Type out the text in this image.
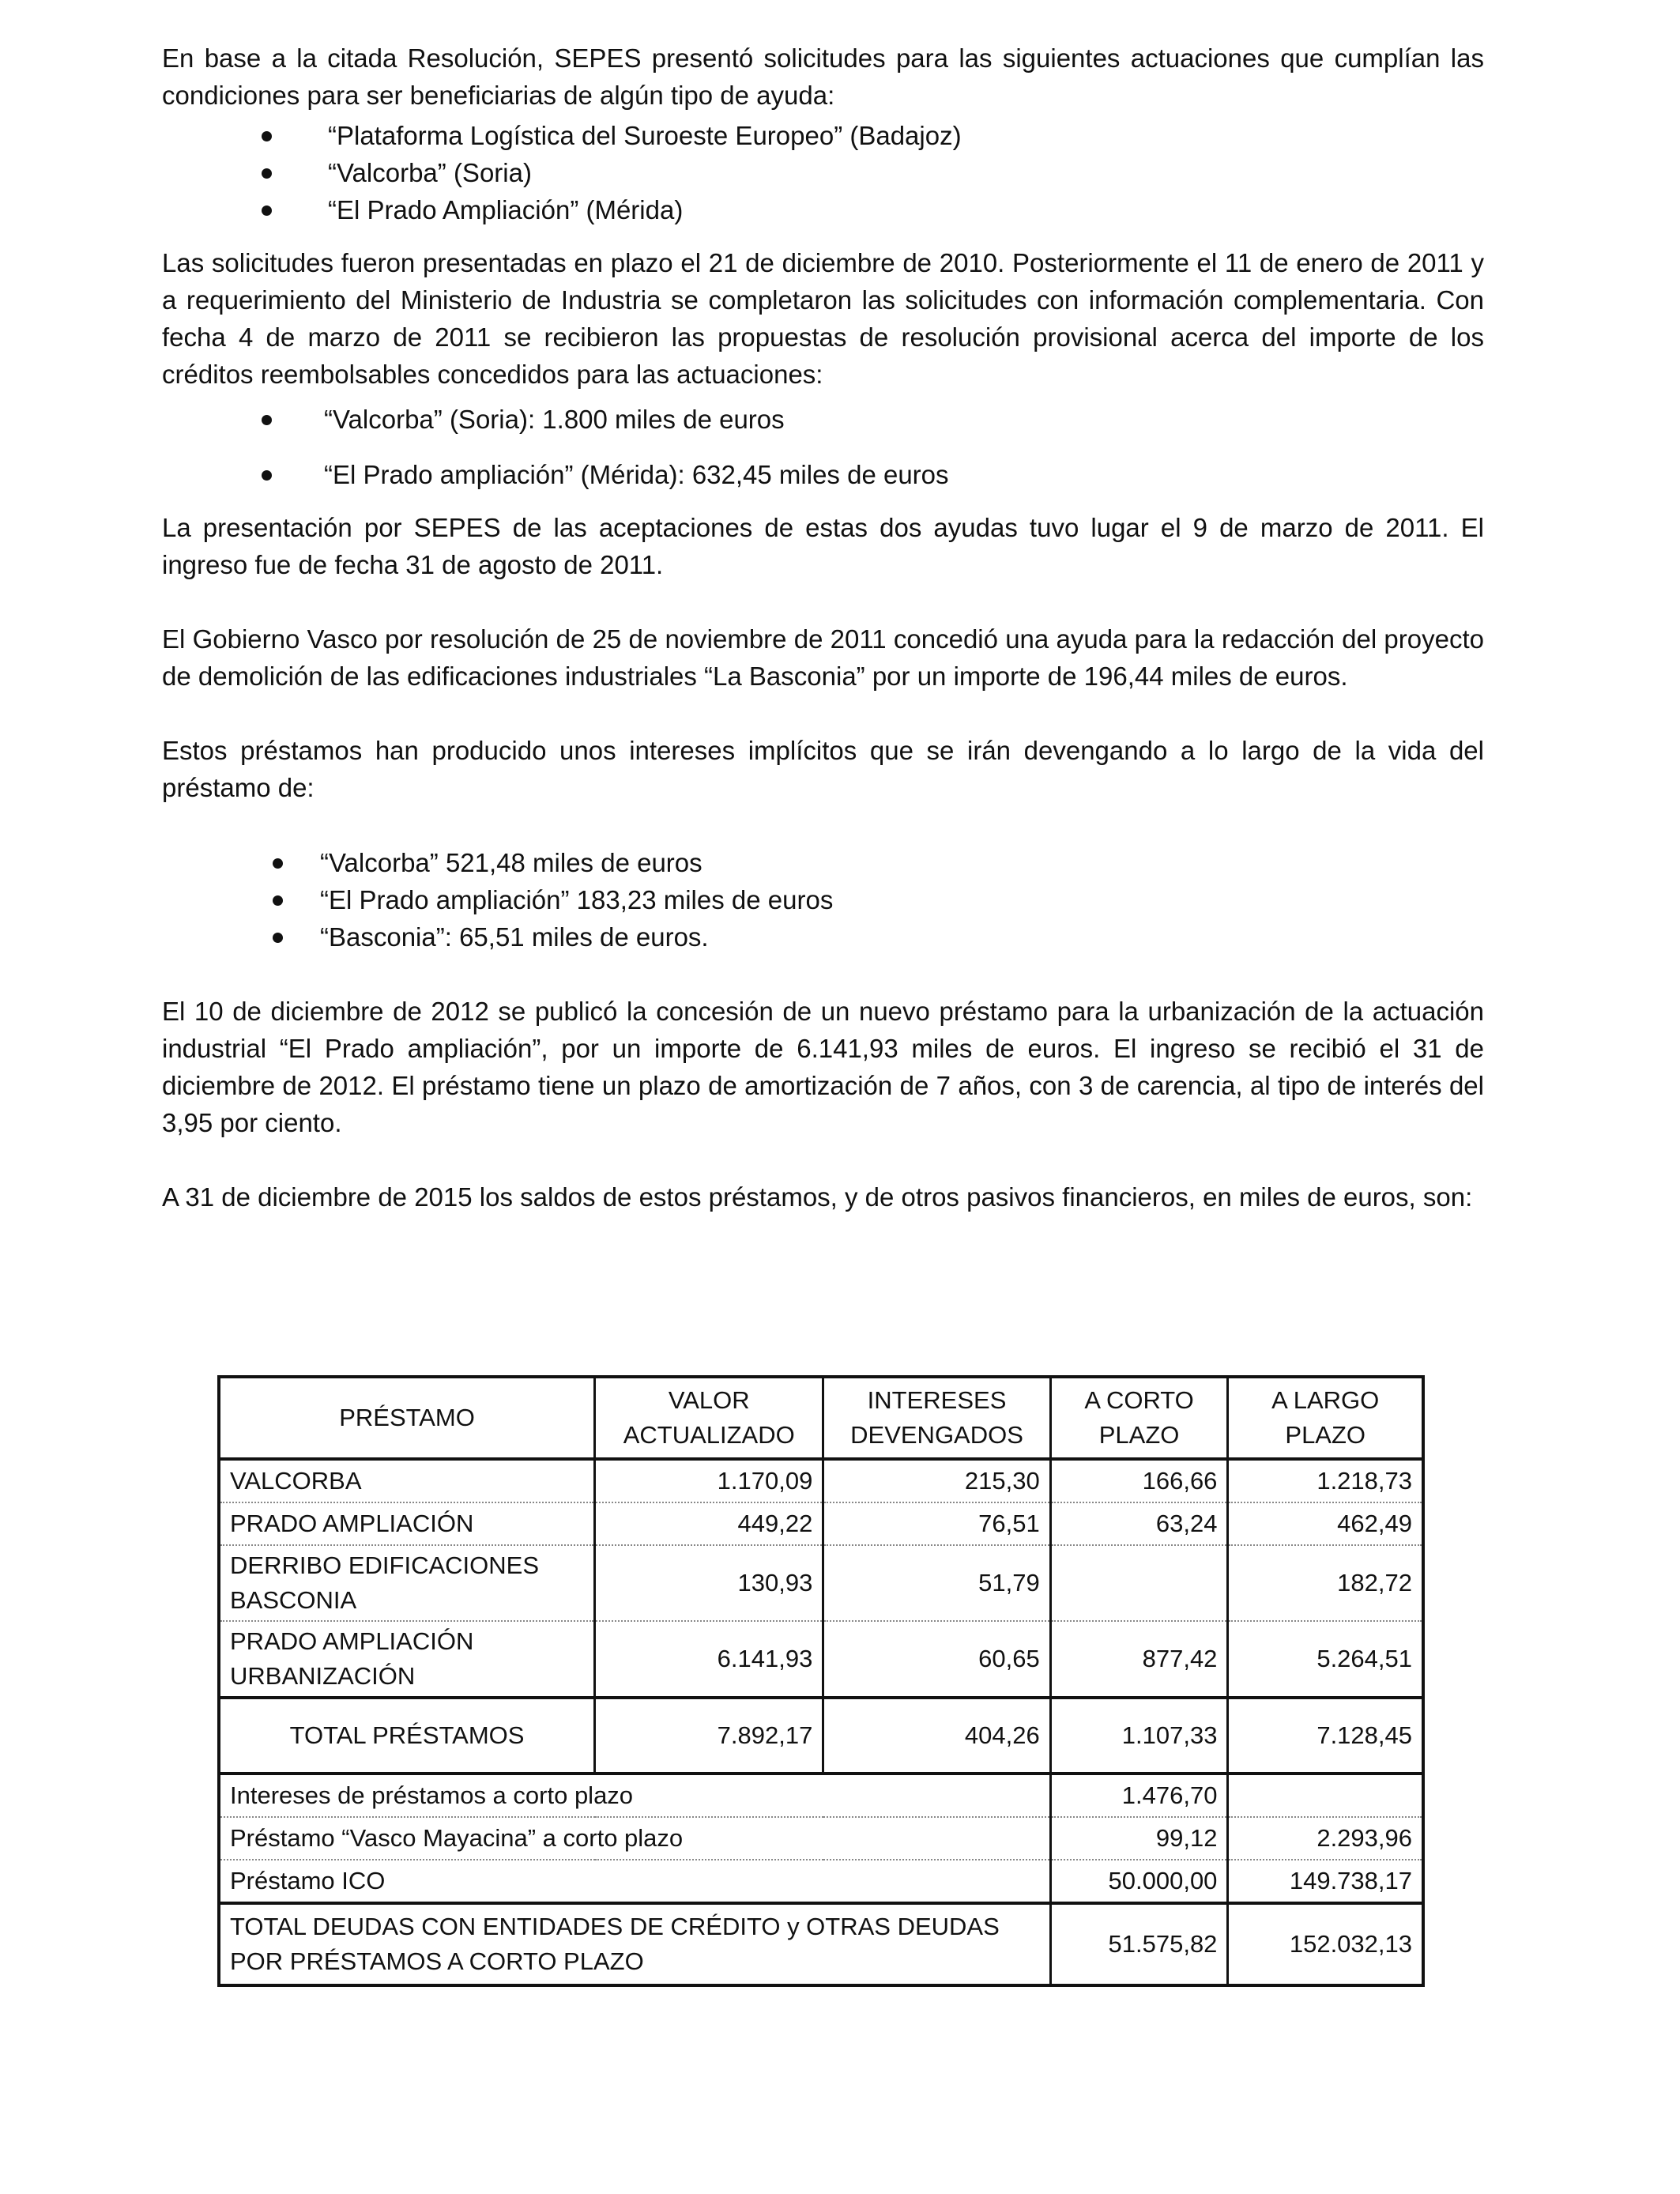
En base a la citada Resolución, SEPES presentó solicitudes para las siguientes actuaciones que cumplían las condiciones para ser beneficiarias de algún tipo de ayuda:

“Plataforma Logística del Suroeste Europeo” (Badajoz)
“Valcorba” (Soria)
“El Prado Ampliación” (Mérida)

Las solicitudes fueron presentadas en plazo el 21 de diciembre de 2010. Posteriormente el 11 de enero de 2011 y a requerimiento del Ministerio de Industria se completaron las solicitudes con información complementaria. Con fecha 4 de marzo de 2011 se recibieron las propuestas de resolución provisional acerca del importe de los créditos reembolsables concedidos para las actuaciones:

“Valcorba” (Soria): 1.800 miles de euros
“El Prado ampliación” (Mérida): 632,45 miles de euros

La presentación por SEPES de las aceptaciones de estas dos ayudas tuvo lugar el 9 de marzo de 2011. El ingreso fue de fecha 31 de agosto de 2011.

El Gobierno Vasco por resolución de 25 de noviembre de 2011 concedió una ayuda para la redacción del proyecto de demolición de las edificaciones industriales “La Basconia” por un importe de 196,44 miles de euros.

Estos préstamos han producido unos intereses implícitos que se irán devengando a lo largo de la vida del préstamo de:

“Valcorba” 521,48 miles de euros
“El Prado ampliación” 183,23 miles de euros
“Basconia”: 65,51 miles de euros.

El 10 de diciembre de 2012 se publicó la concesión de un nuevo préstamo para la urbanización de la actuación industrial “El Prado ampliación”, por un importe de 6.141,93 miles de euros. El ingreso se recibió el 31 de diciembre de 2012. El préstamo tiene un plazo de amortización de 7 años, con 3 de carencia, al tipo de interés del 3,95 por ciento.

A 31 de diciembre de 2015 los saldos de estos préstamos, y de otros pasivos financieros, en miles de euros, son:

PRÉSTAMO	VALOR ACTUALIZADO	INTERESES DEVENGADOS	A CORTO PLAZO	A LARGO PLAZO
VALCORBA	1.170,09	215,30	166,66	1.218,73
PRADO AMPLIACIÓN	449,22	76,51	63,24	462,49
DERRIBO EDIFICACIONES BASCONIA	130,93	51,79		182,72
PRADO AMPLIACIÓN URBANIZACIÓN	6.141,93	60,65	877,42	5.264,51
TOTAL PRÉSTAMOS	7.892,17	404,26	1.107,33	7.128,45
Intereses de préstamos a corto plazo			1.476,70	
Préstamo “Vasco Mayacina” a corto plazo			99,12	2.293,96
Préstamo ICO			50.000,00	149.738,17
TOTAL DEUDAS CON ENTIDADES DE CRÉDITO y OTRAS DEUDAS POR PRÉSTAMOS A CORTO PLAZO			51.575,82	152.032,13
